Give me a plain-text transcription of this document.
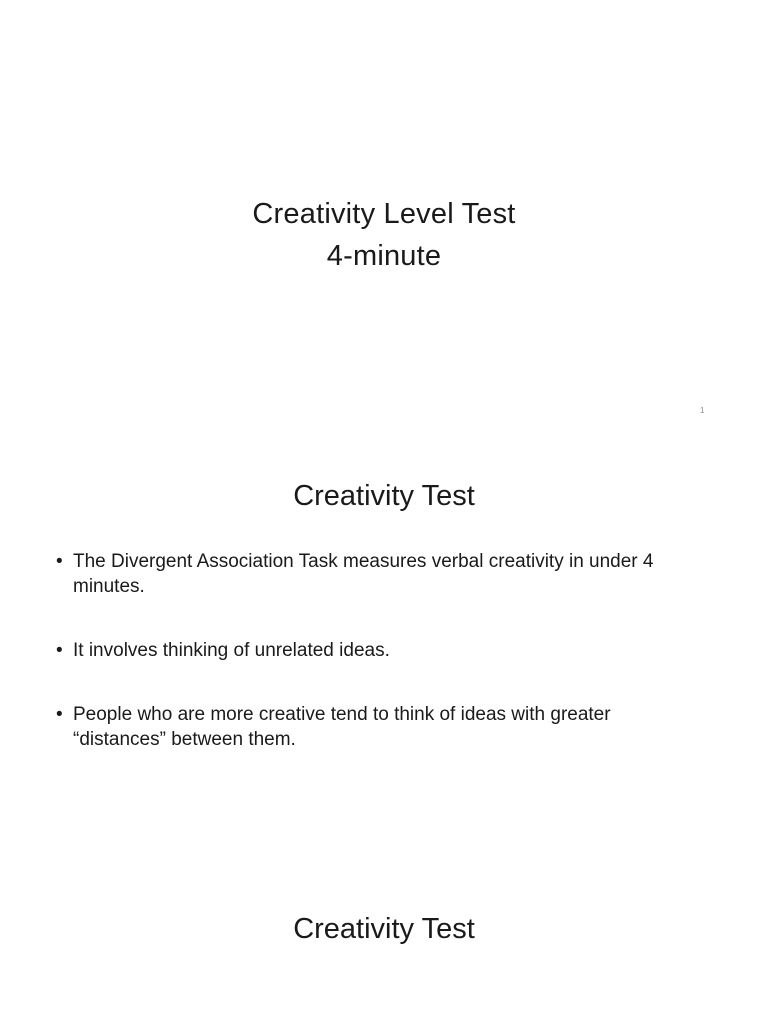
Creativity Level Test
4-minute
1
Creativity Test
• The Divergent Association Task measures verbal creativity in under 4 minutes.
• It involves thinking of unrelated ideas.
• People who are more creative tend to think of ideas with greater “distances” between them.
Creativity Test
